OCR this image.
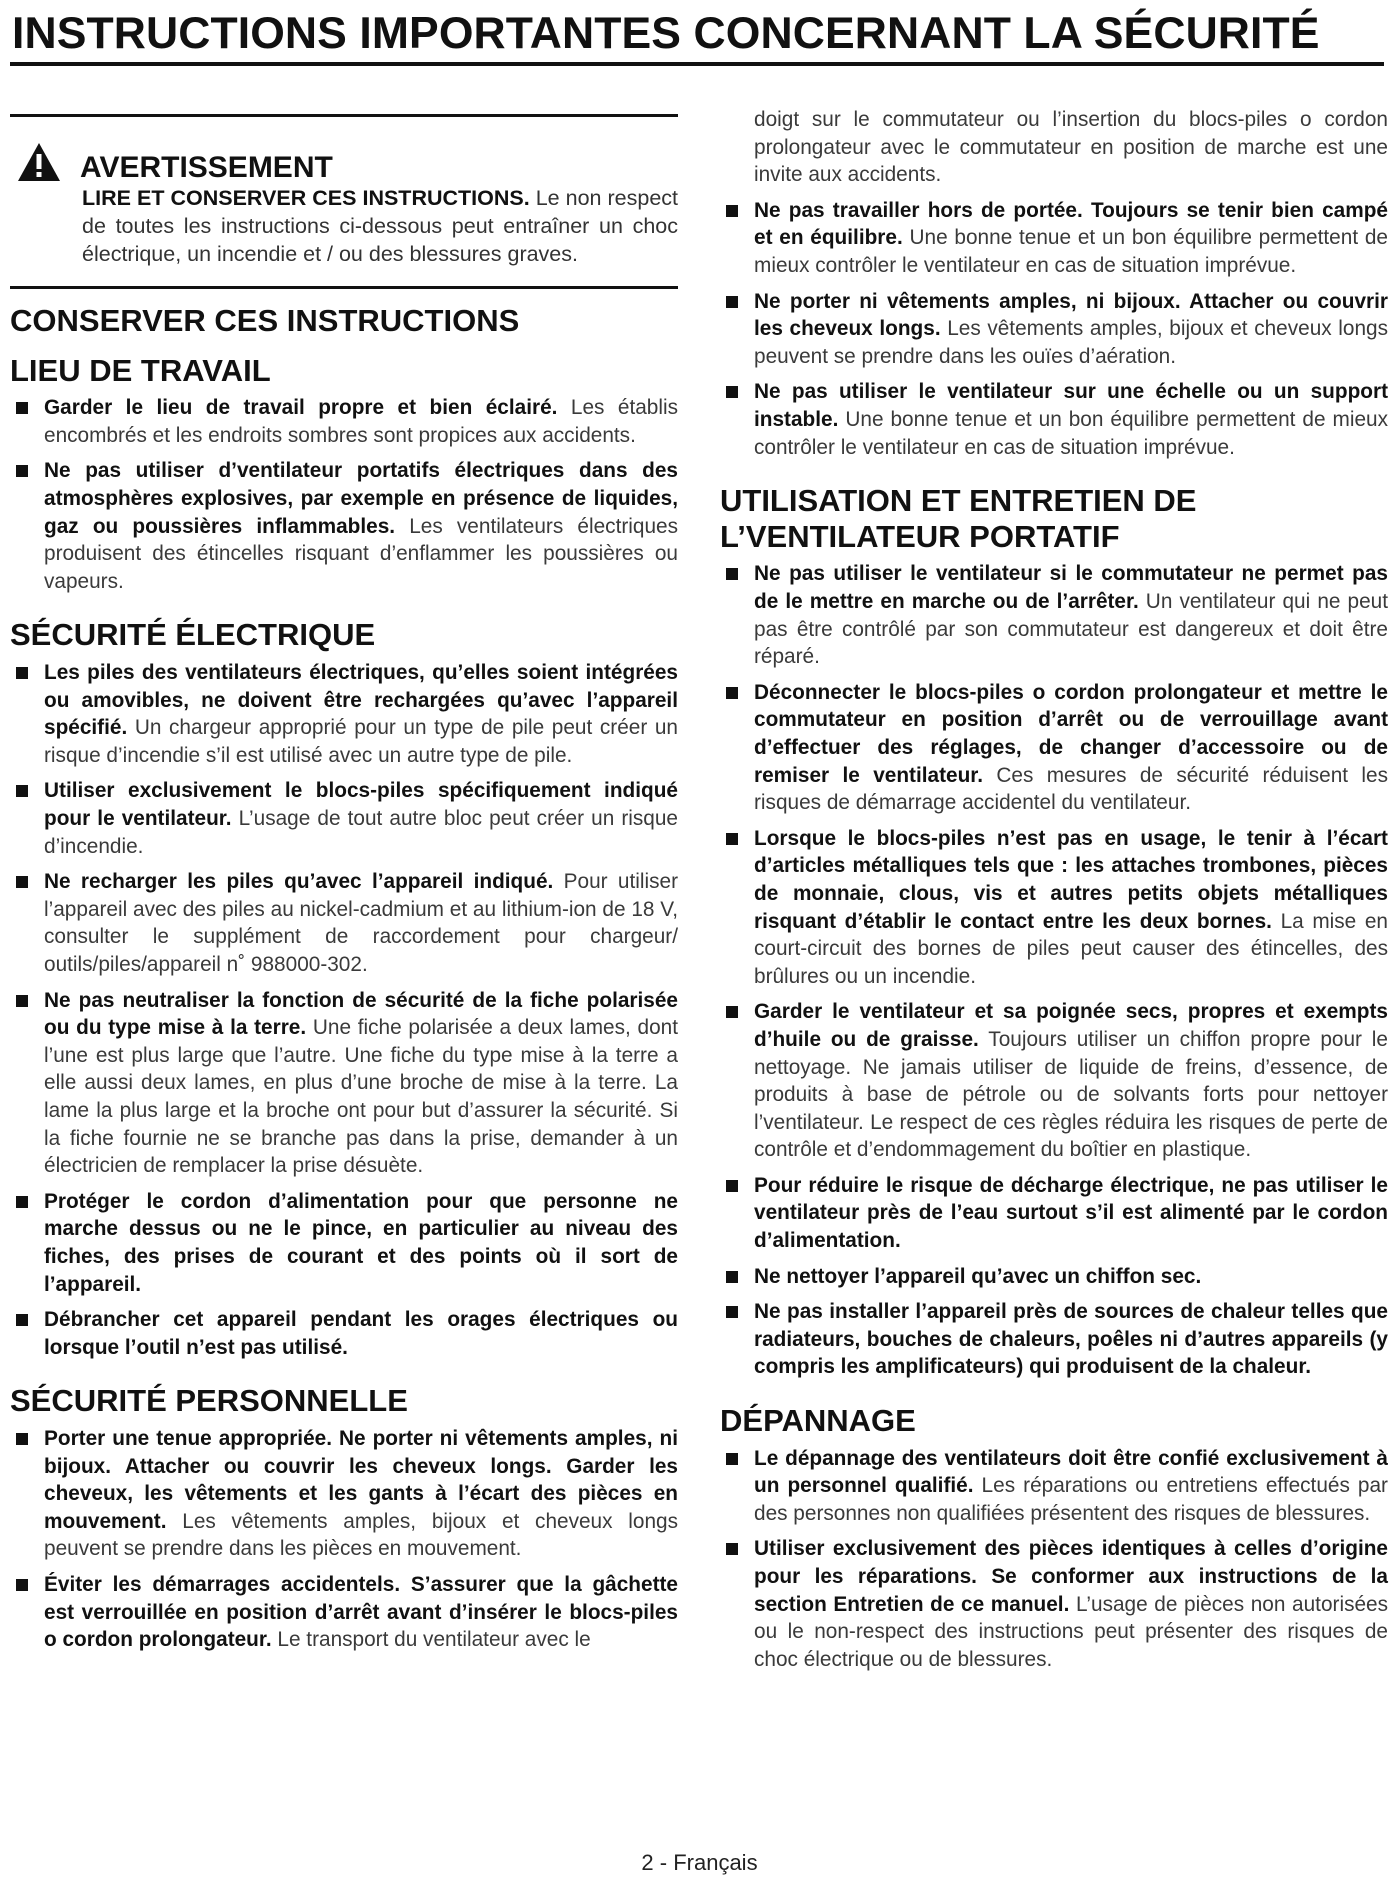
INSTRUCTIONS IMPORTANTES CONCERNANT LA SÉCURITÉ
AVERTISSEMENT
LIRE ET CONSERVER CES INSTRUCTIONS. Le non respect de toutes les instructions ci-dessous peut entraîner un choc électrique, un incendie et / ou des blessures graves.
CONSERVER CES INSTRUCTIONS
LIEU DE TRAVAIL
Garder le lieu de travail propre et bien éclairé. Les établis encombrés et les endroits sombres sont propices aux accidents.
Ne pas utiliser d’ventilateur portatifs électriques dans des atmosphères explosives, par exemple en présence de liquides, gaz ou poussières inflammables. Les ventilateurs électriques produisent des étincelles risquant d’enflammer les poussières ou vapeurs.
SÉCURITÉ ÉLECTRIQUE
Les piles des ventilateurs électriques, qu’elles soient intégrées ou amovibles, ne doivent être rechargées qu’avec l’appareil spécifié. Un chargeur approprié pour un type de pile peut créer un risque d’incendie s’il est utilisé avec un autre type de pile.
Utiliser exclusivement le blocs-piles spécifiquement indiqué pour le ventilateur. L’usage de tout autre bloc peut créer un risque d’incendie.
Ne recharger les piles qu’avec l’appareil indiqué. Pour utiliser l’appareil avec des piles au nickel-cadmium et au lithium-ion de 18 V, consulter le supplément de raccordement pour chargeur/ outils/piles/appareil n˚ 988000-302.
Ne pas neutraliser la fonction de sécurité de la fiche polarisée ou du type mise à la terre. Une fiche polarisée a deux lames, dont l’une est plus large que l’autre. Une fiche du type mise à la terre a elle aussi deux lames, en plus d’une broche de mise à la terre. La lame la plus large et la broche ont pour but d’assurer la sécurité. Si la fiche fournie ne se branche pas dans la prise, demander à un électricien de remplacer la prise désuète.
Protéger le cordon d’alimentation pour que personne ne marche dessus ou ne le pince, en particulier au niveau des fiches, des prises de courant et des points où il sort de l’appareil.
Débrancher cet appareil pendant les orages électriques ou lorsque l’outil n’est pas utilisé.
SÉCURITÉ PERSONNELLE
Porter une tenue appropriée. Ne porter ni vêtements amples, ni bijoux. Attacher ou couvrir les cheveux longs. Garder les cheveux, les vêtements et les gants à l’écart des pièces en mouvement. Les vêtements amples, bijoux et cheveux longs peuvent se prendre dans les pièces en mouvement.
Éviter les démarrages accidentels. S’assurer que la gâchette est verrouillée en position d’arrêt avant d’insérer le blocs-piles o cordon prolongateur. Le transport du ventilateur avec le

doigt sur le commutateur ou l’insertion du blocs-piles o cordon prolongateur avec le commutateur en position de marche est une invite aux accidents.

Ne pas travailler hors de portée. Toujours se tenir bien campé et en équilibre. Une bonne tenue et un bon équilibre permettent de mieux contrôler le ventilateur en cas de situation imprévue.
Ne porter ni vêtements amples, ni bijoux. Attacher ou couvrir les cheveux longs. Les vêtements amples, bijoux et cheveux longs peuvent se prendre dans les ouïes d’aération.
Ne pas utiliser le ventilateur sur une échelle ou un support instable. Une bonne tenue et un bon équilibre permettent de mieux contrôler le ventilateur en cas de situation imprévue.
UTILISATION ET ENTRETIEN DE L’VENTILATEUR PORTATIF
Ne pas utiliser le ventilateur si le commutateur ne permet pas de le mettre en marche ou de l’arrêter. Un ventilateur qui ne peut pas être contrôlé par son commutateur est dangereux et doit être réparé.
Déconnecter le blocs-piles o cordon prolongateur et mettre le commutateur en position d’arrêt ou de verrouillage avant d’effectuer des réglages, de changer d’accessoire ou de remiser le ventilateur. Ces mesures de sécurité réduisent les risques de démarrage accidentel du ventilateur.
Lorsque le blocs-piles n’est pas en usage, le tenir à l’écart d’articles métalliques tels que : les attaches trombones, pièces de monnaie, clous, vis et autres petits objets métalliques risquant d’établir le contact entre les deux bornes. La mise en court-circuit des bornes de piles peut causer des étincelles, des brûlures ou un incendie.
Garder le ventilateur et sa poignée secs, propres et exempts d’huile ou de graisse. Toujours utiliser un chiffon propre pour le nettoyage. Ne jamais utiliser de liquide de freins, d’essence, de produits à base de pétrole ou de solvants forts pour nettoyer l’ventilateur. Le respect de ces règles réduira les risques de perte de contrôle et d’endommagement du boîtier en plastique.
Pour réduire le risque de décharge électrique, ne pas utiliser le ventilateur près de l’eau surtout s’il est alimenté par le cordon d’alimentation.
Ne nettoyer l’appareil qu’avec un chiffon sec.
Ne pas installer l’appareil près de sources de chaleur telles que radiateurs, bouches de chaleurs, poêles ni d’autres appareils (y compris les amplificateurs) qui produisent de la chaleur.
DÉPANNAGE
Le dépannage des ventilateurs doit être confié exclusivement à un personnel qualifié. Les réparations ou entretiens effectués par des personnes non qualifiées présentent des risques de blessures.
Utiliser exclusivement des pièces identiques à celles d’origine pour les réparations. Se conformer aux instructions de la section Entretien de ce manuel. L’usage de pièces non autorisées ou le non-respect des instructions peut présenter des risques de choc électrique ou de blessures.
2 - Français
